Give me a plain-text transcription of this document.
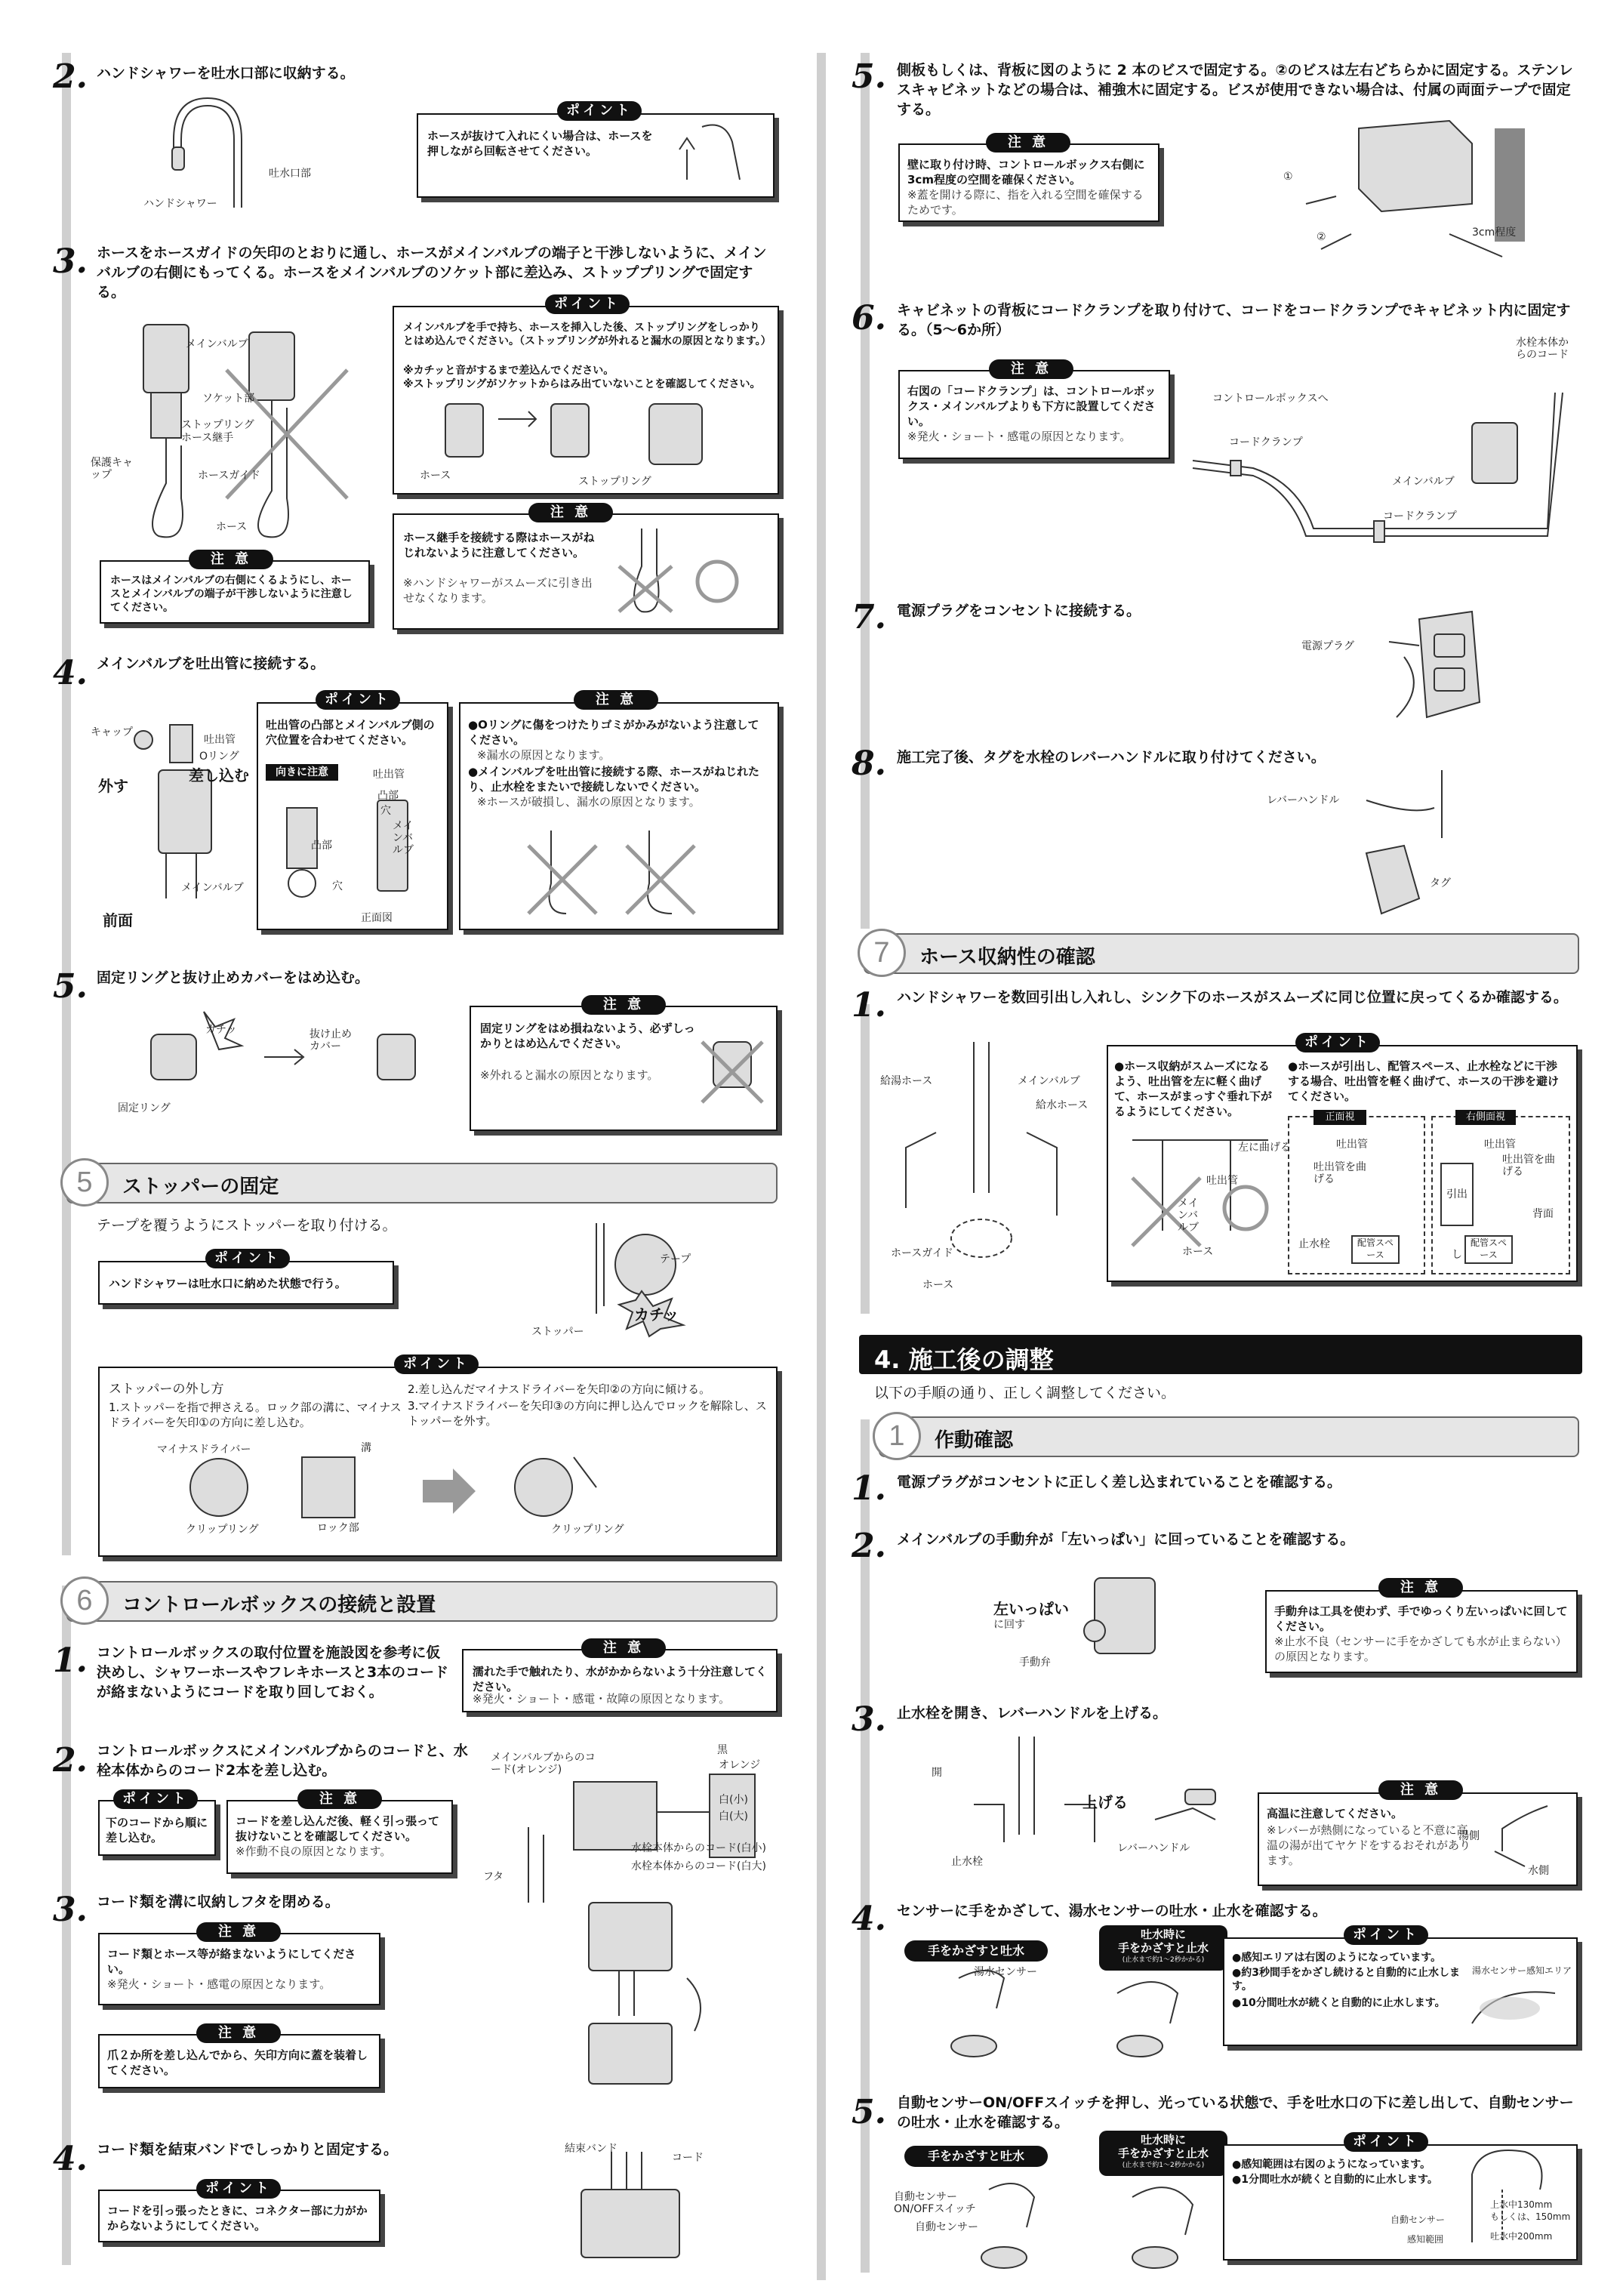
2. ハンドシャワーを吐水口部に収納する。
吐水口部
ハンドシャワー
ポイント
ホースが抜けて入れにくい場合は、ホースを押しながら回転させてください。
3. ホースをホースガイドの矢印のとおりに通し、ホースがメインバルブの端子と干渉しないように、メインバルブの右側にもってくる。ホースをメインバルブのソケット部に差込み、ストッププリングで固定する。
メインバルブ
ソケット部
ストップリング
ホース継手
保護キャップ	ホースガイド
ホース
ポイント
メインバルブを手で持ち、ホースを挿入した後、ストップリングをしっかりとはめ込んでください。（ストップリングが外れると漏水の原因となります。）
※カチッと音がするまで差込んでください。
※ストップリングがソケットからはみ出ていないことを確認してください。
ホース	ストップリング
注 意
ホース継手を接続する際はホースがねじれないように注意してください。
※ハンドシャワーがスムーズに引き出せなくなります。
注 意
ホースはメインバルブの右側にくるようにし、ホースとメインバルブの端子が干渉しないように注意してください。
4. メインバルブを吐出管に接続する。
キャップ
吐出管
Oリング
差し込む
外す
メインバルブ
前面
ポイント
吐出管の凸部とメインバルブ側の穴位置を合わせてください。
向きに注意	吐出管
凸部
穴
メインバルブ
凸部
穴
正面図
注 意
●Oリングに傷をつけたりゴミがかみがないよう注意してください。
※漏水の原因となります。
●メインバルブを吐出管に接続する際、ホースがねじれたり、止水栓をまたいで接続しないでください。
※ホースが破損し、漏水の原因となります。
5. 固定リングと抜け止めカバーをはめ込む。
カチッ	抜け止めカバー
固定リング
注 意
固定リングをはめ損ねないよう、必ずしっかりとはめ込んでください。
※外れると漏水の原因となります。
5	ストッパーの固定
テープを覆うようにストッパーを取り付ける。
ポイント
ハンドシャワーは吐水口に納めた状態で行う。
テープ
ストッパー
カチッ
ポイント
ストッパーの外し方
1.ストッパーを指で押さえる。ロック部の溝に、マイナスドライバーを矢印①の方向に差し込む。
2.差し込んだマイナスドライバーを矢印②の方向に傾ける。
3.マイナスドライバーを矢印③の方向に押し込んでロックを解除し、ストッパーを外す。
マイナスドライバー	溝
クリップリング	ロック部	クリップリング
6	コントロールボックスの接続と設置
1. コントロールボックスの取付位置を施設図を参考に仮決めし、シャワーホースやフレキホースと3本のコードが絡まないようにコードを取り回しておく。
注 意
濡れた手で触れたり、水がかからないよう十分注意してください。
※発火・ショート・感電・故障の原因となります。
2. コントロールボックスにメインバルブからのコードと、水栓本体からのコード2本を差し込む。
ポイント
下のコードから順に差し込む。
注 意
コードを差し込んだ後、軽く引っ張って抜けないことを確認してください。
※作動不良の原因となります。
メインバルブからのコード(オレンジ)
黒
オレンジ
白(小)
白(大)
水栓本体からのコード(白小)
水栓本体からのコード(白大)
フタ
3. コード類を溝に収納しフタを閉める。
注 意
コード類とホース等が絡まないようにしてください。
※発火・ショート・感電の原因となります。
注 意
爪２か所を差し込んでから、矢印方向に蓋を装着してください。
4. コード類を結束バンドでしっかりと固定する。
ポイント
コードを引っ張ったときに、コネクター部に力がかからないようにしてください。
結束バンド
コード
5. 側板もしくは、背板に図のように 2 本のビスで固定する。②のビスは左右どちらかに固定する。ステンレスキャビネットなどの場合は、補強木に固定する。ビスが使用できない場合は、付属の両面テープで固定する。
注 意
壁に取り付け時、コントロールボックス右側に3cm程度の空間を確保ください。
※蓋を開ける際に、指を入れる空間を確保するためです。
①
②	3cm程度
6. キャビネットの背板にコードクランプを取り付けて、コードをコードクランプでキャビネット内に固定する。（5〜6か所）
注 意
右図の「コードクランプ」は、コントロールボックス・メインバルブよりも下方に設置してください。
※発火・ショート・感電の原因となります。
コントロールボックスへ
コードクランプ
水栓本体からのコード
メインバルブ
コードクランプ
7. 電源プラグをコンセントに接続する。
電源プラグ
8. 施工完了後、タグを水栓のレバーハンドルに取り付けてください。
レバーハンドル
タグ
7	ホース収納性の確認
1. ハンドシャワーを数回引出し入れし、シンク下のホースがスムーズに同じ位置に戻ってくるか確認する。
給湯ホース	メインバルブ
給水ホース
ホースガイド
ホース
ポイント
●ホース収納がスムーズになるよう、吐出管を左に軽く曲げて、ホースがまっすぐ垂れ下がるようにしてください。
●ホースが引出し、配管スペース、止水栓などに干渉する場合、吐出管を軽く曲げて、ホースの干渉を避けてください。
左に曲げる
吐出管
メインバルブ
ホース
正面視	右側面視
吐出管
吐出管を曲げる
吐出管
吐出管を曲げる
引出し
背面
止水栓	配管スペース
配管スペース
4. 施工後の調整
以下の手順の通り、正しく調整してください。
1	作動確認
1. 電源プラグがコンセントに正しく差し込まれていることを確認する。
2. メインバルブの手動弁が「左いっぱい」に回っていることを確認する。
左いっぱい
に回す
手動弁
注 意
手動弁は工具を使わず、手でゆっくり左いっぱいに回してください。
※止水不良（センサーに手をかざしても水が止まらない）の原因となります。
3. 止水栓を開き、レバーハンドルを上げる。
開
止水栓
上げる
レバーハンドル
注 意
高温に注意してください。
※レバーが熱側になっていると不意に高温の湯が出てヤケドをするおそれがあります。
湯側
水側
4. センサーに手をかざして、湯水センサーの吐水・止水を確認する。
手をかざすと吐水
吐水時に
手をかざすと止水
(止水まで約1〜2秒かかる)
湯水センサー
ポイント
●感知エリアは右図のようになっています。
●約3秒間手をかざし続けると自動的に止水します。
●10分間吐水が続くと自動的に止水します。
湯水センサー感知エリア
5. 自動センサーON/OFFスイッチを押し、光っている状態で、手を吐水口の下に差し出して、自動センサーの吐水・止水を確認する。
手をかざすと吐水
吐水時に
手をかざすと止水
(止水まで約1〜2秒かかる)
自動センサーON/OFFスイッチ
自動センサー
ポイント
●感知範囲は右図のようになっています。
●1分間吐水が続くと自動的に止水します。
自動センサー
感知範囲
上水中130mm
もしくは、150mm
吐水中200mm
